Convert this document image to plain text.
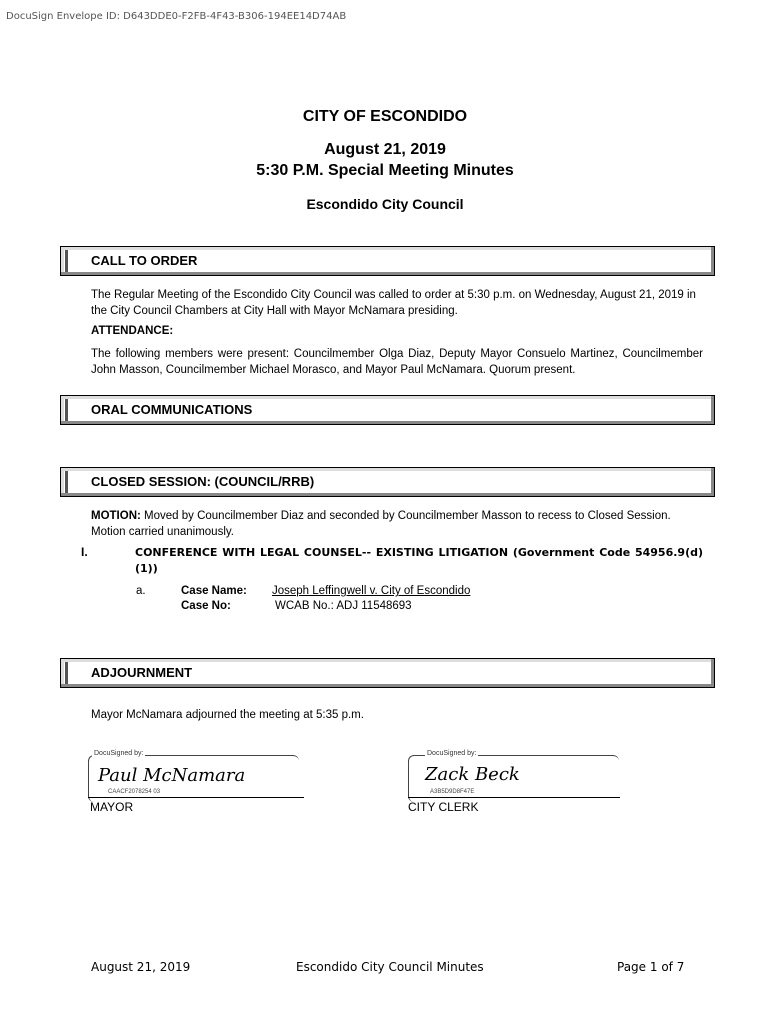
DocuSign Envelope ID: D643DDE0-F2FB-4F43-B306-194EE14D74AB
CITY OF ESCONDIDO
August 21, 2019
5:30 P.M. Special Meeting Minutes
Escondido City Council
CALL TO ORDER
The Regular Meeting of the Escondido City Council was called to order at 5:30 p.m. on Wednesday, August 21, 2019 in the City Council Chambers at City Hall with Mayor McNamara presiding.
ATTENDANCE:
The following members were present: Councilmember Olga Diaz, Deputy Mayor Consuelo Martinez, Councilmember John Masson, Councilmember Michael Morasco, and Mayor Paul McNamara. Quorum present.
ORAL COMMUNICATIONS
CLOSED SESSION: (COUNCIL/RRB)
MOTION: Moved by Councilmember Diaz and seconded by Councilmember Masson to recess to Closed Session. Motion carried unanimously.
I.	CONFERENCE WITH LEGAL COUNSEL-- EXISTING LITIGATION (Government Code 54956.9(d)(1))
a.	Case Name: Joseph Leffingwell v. City of Escondido
Case No:	WCAB No.: ADJ 11548693
ADJOURNMENT
Mayor McNamara adjourned the meeting at 5:35 p.m.
DocuSigned by:
Paul McNamara
CAACF2078254 03
MAYOR
DocuSigned by:
Zack Beck
A3B5D9D8F47E
CITY CLERK
August 21, 2019	Escondido City Council Minutes	Page 1 of 7
